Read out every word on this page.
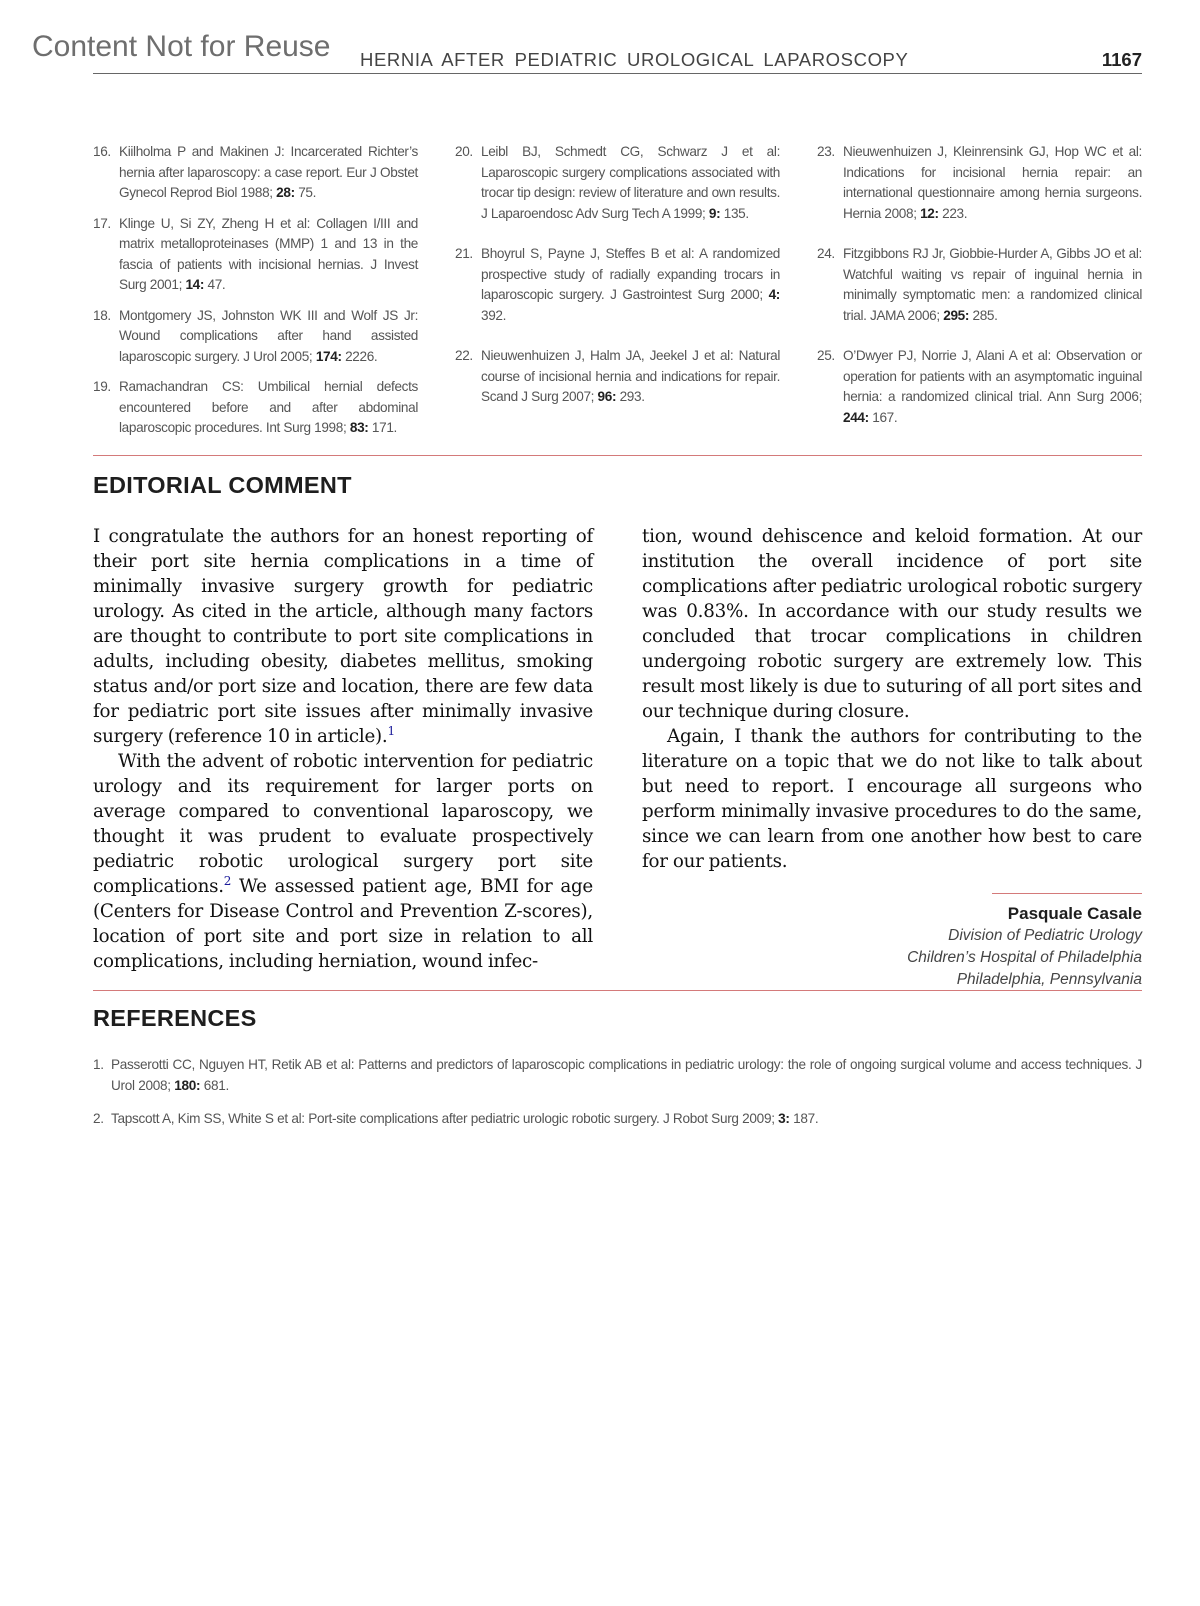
Content Not for Reuse HERNIA AFTER PEDIATRIC UROLOGICAL LAPAROSCOPY	1167
16. Kiilholma P and Makinen J: Incarcerated Richter’s hernia after laparoscopy: a case report. Eur J Obstet Gynecol Reprod Biol 1988; 28: 75.
17. Klinge U, Si ZY, Zheng H et al: Collagen I/III and matrix metalloproteinases (MMP) 1 and 13 in the fascia of patients with incisional hernias. J Invest Surg 2001; 14: 47.
18. Montgomery JS, Johnston WK III and Wolf JS Jr: Wound complications after hand assisted laparoscopic surgery. J Urol 2005; 174: 2226.
19. Ramachandran CS: Umbilical hernial defects encountered before and after abdominal laparoscopic procedures. Int Surg 1998; 83: 171.
20. Leibl BJ, Schmedt CG, Schwarz J et al: Laparoscopic surgery complications associated with trocar tip design: review of literature and own results. J Laparoendosc Adv Surg Tech A 1999; 9: 135.
21. Bhoyrul S, Payne J, Steffes B et al: A randomized prospective study of radially expanding trocars in laparoscopic surgery. J Gastrointest Surg 2000; 4: 392.
22. Nieuwenhuizen J, Halm JA, Jeekel J et al: Natural course of incisional hernia and indications for repair. Scand J Surg 2007; 96: 293.
23. Nieuwenhuizen J, Kleinrensink GJ, Hop WC et al: Indications for incisional hernia repair: an international questionnaire among hernia surgeons. Hernia 2008; 12: 223.
24. Fitzgibbons RJ Jr, Giobbie-Hurder A, Gibbs JO et al: Watchful waiting vs repair of inguinal hernia in minimally symptomatic men: a randomized clinical trial. JAMA 2006; 295: 285.
25. O’Dwyer PJ, Norrie J, Alani A et al: Observation or operation for patients with an asymptomatic inguinal hernia: a randomized clinical trial. Ann Surg 2006; 244: 167.
EDITORIAL COMMENT

I congratulate the authors for an honest reporting of their port site hernia complications in a time of minimally invasive surgery growth for pediatric urology. As cited in the article, although many factors are thought to contribute to port site complications in adults, including obesity, diabetes mellitus, smoking status and/or port size and location, there are few data for pediatric port site issues after minimally invasive surgery (reference 10 in article).$^1$

With the advent of robotic intervention for pediatric urology and its requirement for larger ports on average compared to conventional laparoscopy, we thought it was prudent to evaluate prospectively pediatric robotic urological surgery port site complications.$^2$ We assessed patient age, BMI for age (Centers for Disease Control and Prevention Z-scores), location of port site and port size in relation to all complications, including herniation, wound infec-

tion, wound dehiscence and keloid formation. At our institution the overall incidence of port site complications after pediatric urological robotic surgery was 0.83%. In accordance with our study results we concluded that trocar complications in children undergoing robotic surgery are extremely low. This result most likely is due to suturing of all port sites and our technique during closure.

Again, I thank the authors for contributing to the literature on a topic that we do not like to talk about but need to report. I encourage all surgeons who perform minimally invasive procedures to do the same, since we can learn from one another how best to care for our patients.

Pasquale Casale
Division of Pediatric Urology
Children’s Hospital of Philadelphia
Philadelphia, Pennsylvania
REFERENCES
1. Passerotti CC, Nguyen HT, Retik AB et al: Patterns and predictors of laparoscopic complications in pediatric urology: the role of ongoing surgical volume and access techniques. J Urol 2008; 180: 681.
2. Tapscott A, Kim SS, White S et al: Port-site complications after pediatric urologic robotic surgery. J Robot Surg 2009; 3: 187.
